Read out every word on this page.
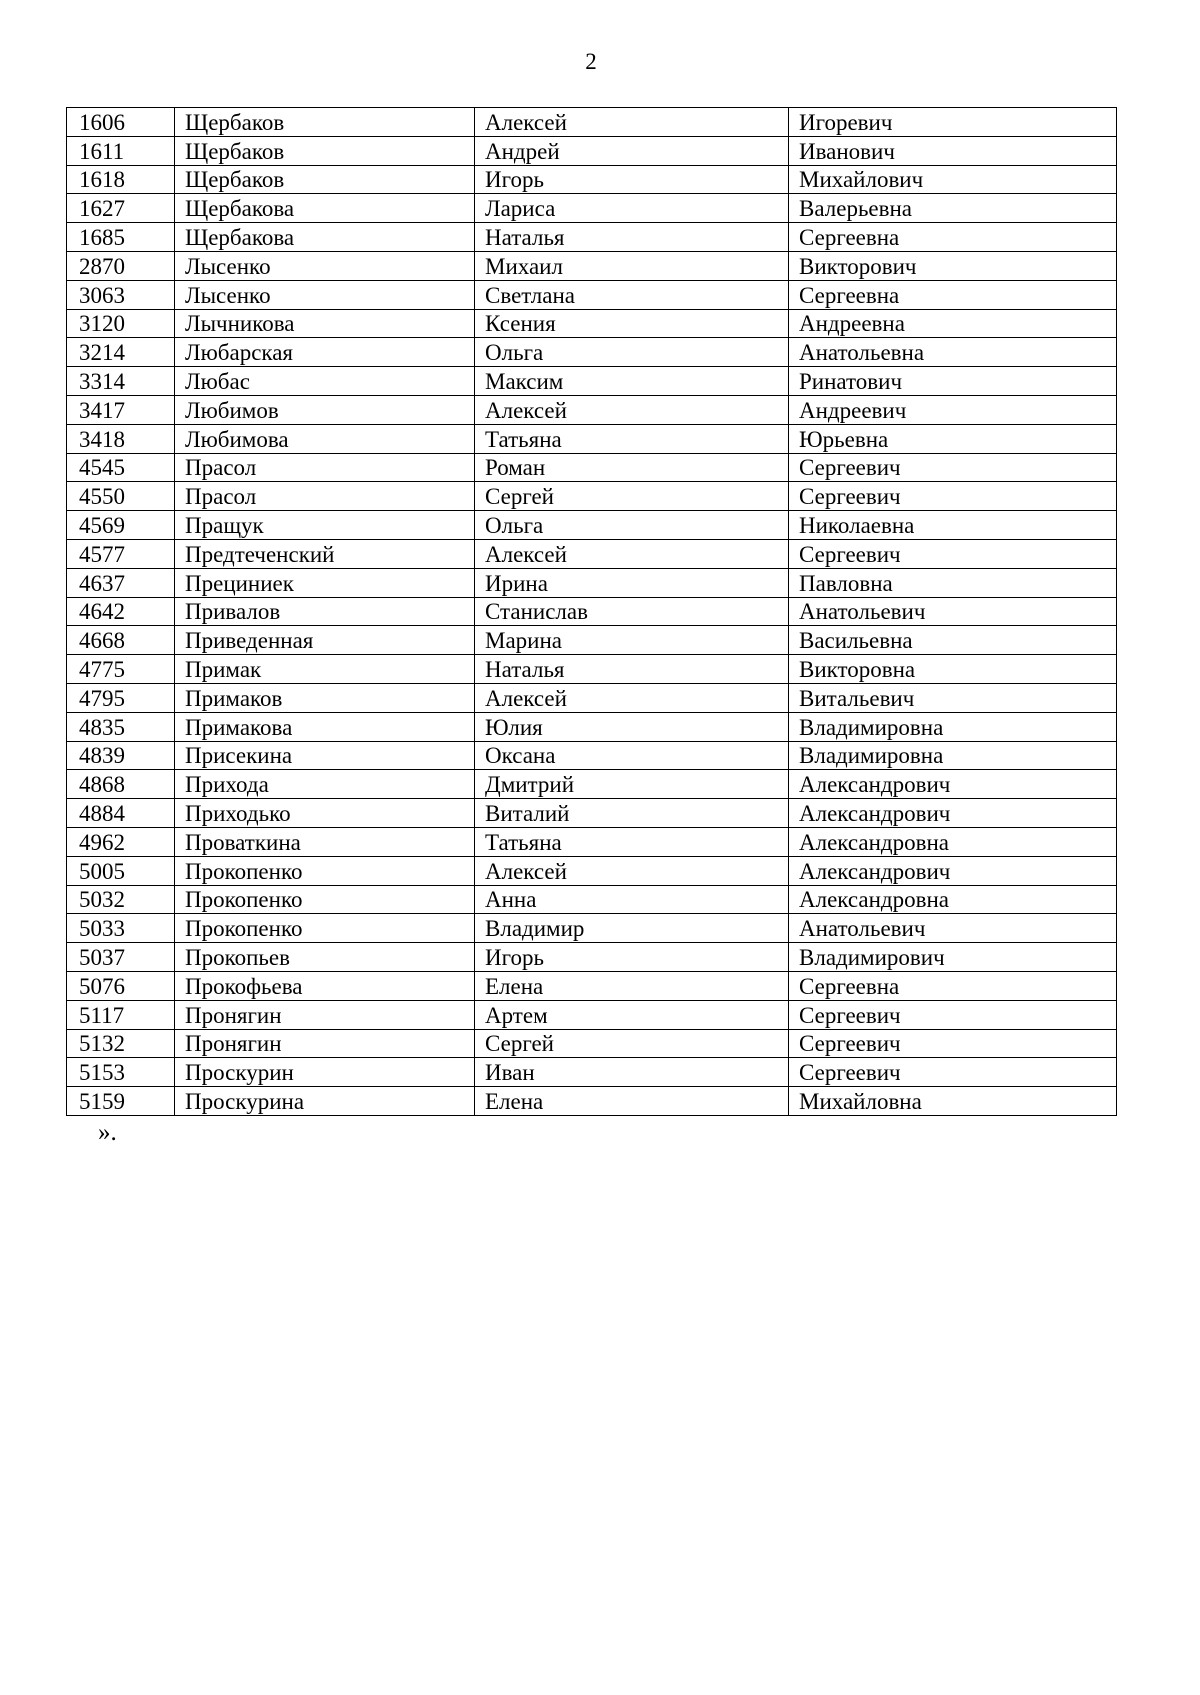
2
1606	Щербаков	Алексей	Игоревич
1611	Щербаков	Андрей	Иванович
1618	Щербаков	Игорь	Михайлович
1627	Щербакова	Лариса	Валерьевна
1685	Щербакова	Наталья	Сергеевна
2870	Лысенко	Михаил	Викторович
3063	Лысенко	Светлана	Сергеевна
3120	Лычникова	Ксения	Андреевна
3214	Любарская	Ольга	Анатольевна
3314	Любас	Максим	Ринатович
3417	Любимов	Алексей	Андреевич
3418	Любимова	Татьяна	Юрьевна
4545	Прасол	Роман	Сергеевич
4550	Прасол	Сергей	Сергеевич
4569	Пращук	Ольга	Николаевна
4577	Предтеченский	Алексей	Сергеевич
4637	Прециниек	Ирина	Павловна
4642	Привалов	Станислав	Анатольевич
4668	Приведенная	Марина	Васильевна
4775	Примак	Наталья	Викторовна
4795	Примаков	Алексей	Витальевич
4835	Примакова	Юлия	Владимировна
4839	Присекина	Оксана	Владимировна
4868	Прихода	Дмитрий	Александрович
4884	Приходько	Виталий	Александрович
4962	Проваткина	Татьяна	Александровна
5005	Прокопенко	Алексей	Александрович
5032	Прокопенко	Анна	Александровна
5033	Прокопенко	Владимир	Анатольевич
5037	Прокопьев	Игорь	Владимирович
5076	Прокофьева	Елена	Сергеевна
5117	Пронягин	Артем	Сергеевич
5132	Пронягин	Сергей	Сергеевич
5153	Проскурин	Иван	Сергеевич
5159	Проскурина	Елена	Михайловна
».
